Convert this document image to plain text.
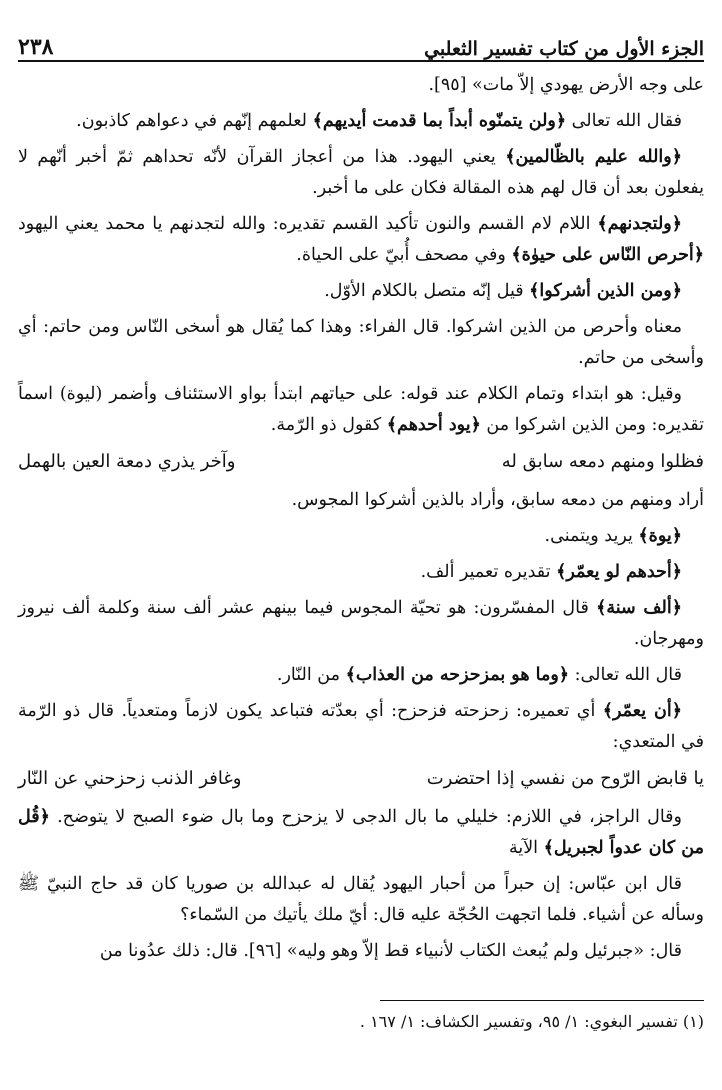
الجزء الأول من كتاب تفسير الثعلبي
٢٣٨

على وجه الأرض يهودي إلاّ مات» [٩٥].

فقال الله تعالى ﴿ولن يتمنّوه أبداً بما قدمت أيديهم﴾ لعلمهم إنّهم في دعواهم كاذبون.

﴿والله عليم بالظّالمين﴾ يعني اليهود. هذا من أعجاز القرآن لأنّه تحداهم ثمّ أخبر أنّهم لا يفعلون بعد أن قال لهم هذه المقالة فكان على ما أخبر.

﴿ولتجدنهم﴾ اللام لام القسم والنون تأكيد القسم تقديره: والله لتجدنهم يا محمد يعني اليهود ﴿أحرص النّاس على حيوٰة﴾ وفي مصحف أُبيّ على الحياة.

﴿ومن الذين أشركوا﴾ قيل إنّه متصل بالكلام الأوّل.

معناه وأحرص من الذين اشركوا. قال الفراء: وهذا كما يُقال هو أسخى النّاس ومن حاتم: أي وأسخى من حاتم.

وقيل: هو ابتداء وتمام الكلام عند قوله: على حياتهم ابتدأ بواو الاستئناف وأضمر (ليوة) اسماً تقديره: ومن الذين اشركوا من ﴿يود أحدهم﴾ كقول ذو الرّمة.

فظلوا ومنهم دمعه سابق له
وآخر يذري دمعة العين بالهمل

أراد ومنهم من دمعه سابق، وأراد بالذين أشركوا المجوس.

﴿يوة﴾ يريد ويتمنى.

﴿أحدهم لو يعمّر﴾ تقديره تعمير ألف.

﴿ألف سنة﴾ قال المفسّرون: هو تحيّة المجوس فيما بينهم عشر ألف سنة وكلمة ألف نيروز ومهرجان.

قال الله تعالى: ﴿وما هو بمزحزحه من العذاب﴾ من النّار.

﴿أن يعمّر﴾ أي تعميره: زحزحته فزحزح: أي بعدّته فتباعد يكون لازماً ومتعدياً. قال ذو الرّمة في المتعدي:

يا قابض الرّوح من نفسي إذا احتضرت
وغافر الذنب زحزحني عن النّار

وقال الراجز، في اللازم: خليلي ما بال الدجى لا يزحزح وما بال ضوء الصبح لا يتوضح. ﴿قُل من كان عدواً لجبريل﴾ الآية

قال ابن عبّاس: إن حبراً من أحبار اليهود يُقال له عبدالله بن صوريا كان قد حاج النبيّ ﷺ وسأله عن أشياء. فلما اتجهت الحُجّة عليه قال: أيّ ملك يأتيك من السّماء؟

قال: «جبرئيل ولم يُبعث الكتاب لأنبياء قط إلاّ وهو وليه» [٩٦]. قال: ذلك عدُونا من

(١) تفسير البغوي: ١/ ٩٥، وتفسير الكشاف: ١/ ١٦٧ .
